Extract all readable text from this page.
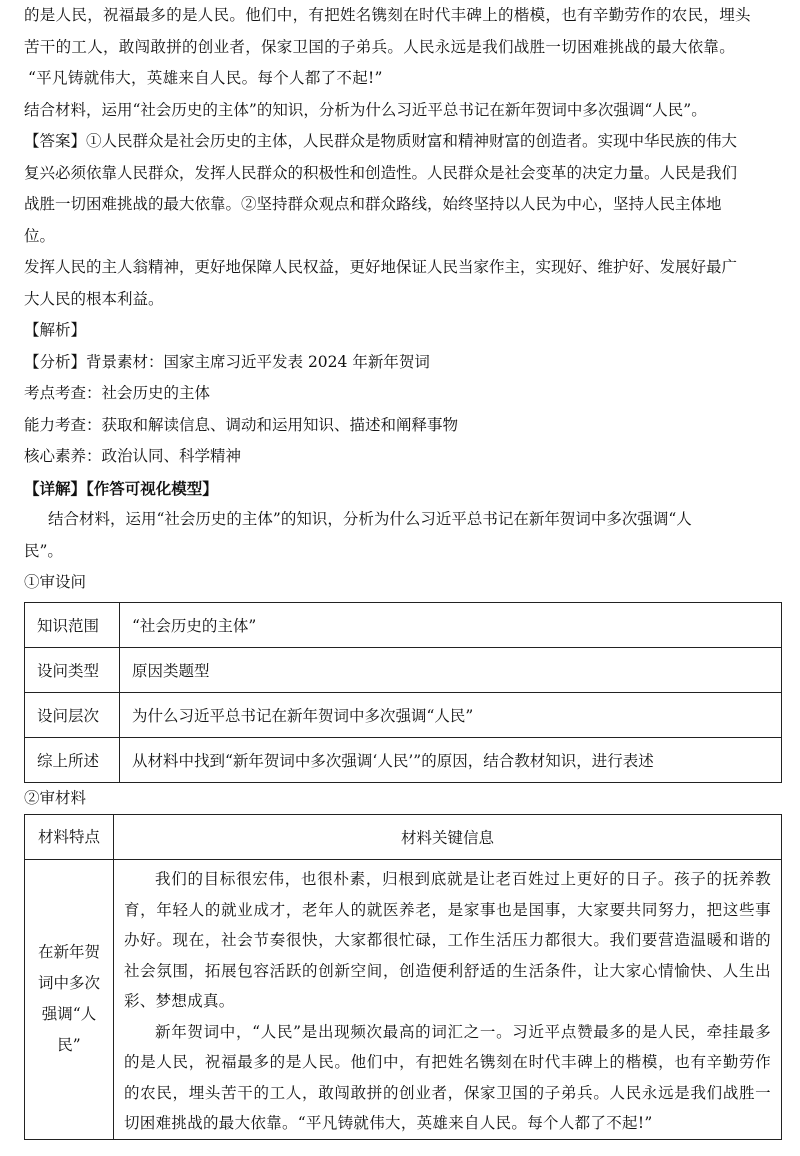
的是人民，祝福最多的是人民。他们中，有把姓名镌刻在时代丰碑上的楷模，也有辛勤劳作的农民，埋头

苦干的工人，敢闯敢拼的创业者，保家卫国的子弟兵。人民永远是我们战胜一切困难挑战的最大依靠。

“平凡铸就伟大，英雄来自人民。每个人都了不起!”

结合材料，运用“社会历史的主体”的知识，分析为什么习近平总书记在新年贺词中多次强调“人民”。

【答案】①人民群众是社会历史的主体，人民群众是物质财富和精神财富的创造者。实现中华民族的伟大

复兴必须依靠人民群众，发挥人民群众的积极性和创造性。人民群众是社会变革的决定力量。人民是我们

战胜一切困难挑战的最大依靠。②坚持群众观点和群众路线，始终坚持以人民为中心，坚持人民主体地

位。

发挥人民的主人翁精神，更好地保障人民权益，更好地保证人民当家作主，实现好、维护好、发展好最广

大人民的根本利益。

【解析】

【分析】背景素材：国家主席习近平发表 2024 年新年贺词

考点考查：社会历史的主体

能力考查：获取和解读信息、调动和运用知识、描述和阐释事物

核心素养：政治认同、科学精神

【详解】【作答可视化模型】

结合材料，运用“社会历史的主体”的知识，分析为什么习近平总书记在新年贺词中多次强调“人

民”。

①审设问

知识范围	“社会历史的主体”
设问类型	原因类题型
设问层次	为什么习近平总书记在新年贺词中多次强调“人民”
综上所述	从材料中找到“新年贺词中多次强调‘人民’”的原因，结合教材知识，进行表述

②审材料

材料特点	材料关键信息
在新年贺词中多次强调“人民”	我们的目标很宏伟，也很朴素，归根到底就是让老百姓过上更好的日子。孩子的抚养教育，年轻人的就业成才，老年人的就医养老，是家事也是国事，大家要共同努力，把这些事办好。现在，社会节奏很快，大家都很忙碌，工作生活压力都很大。我们要营造温暖和谐的社会氛围，拓展包容活跃的创新空间，创造便利舒适的生活条件，让大家心情愉快、人生出彩、梦想成真。

新年贺词中，“人民”是出现频次最高的词汇之一。习近平点赞最多的是人民，牵挂最多的是人民，祝福最多的是人民。他们中，有把姓名镌刻在时代丰碑上的楷模，也有辛勤劳作的农民，埋头苦干的工人，敢闯敢拼的创业者，保家卫国的子弟兵。人民永远是我们战胜一切困难挑战的最大依靠。“平凡铸就伟大，英雄来自人民。每个人都了不起!”
